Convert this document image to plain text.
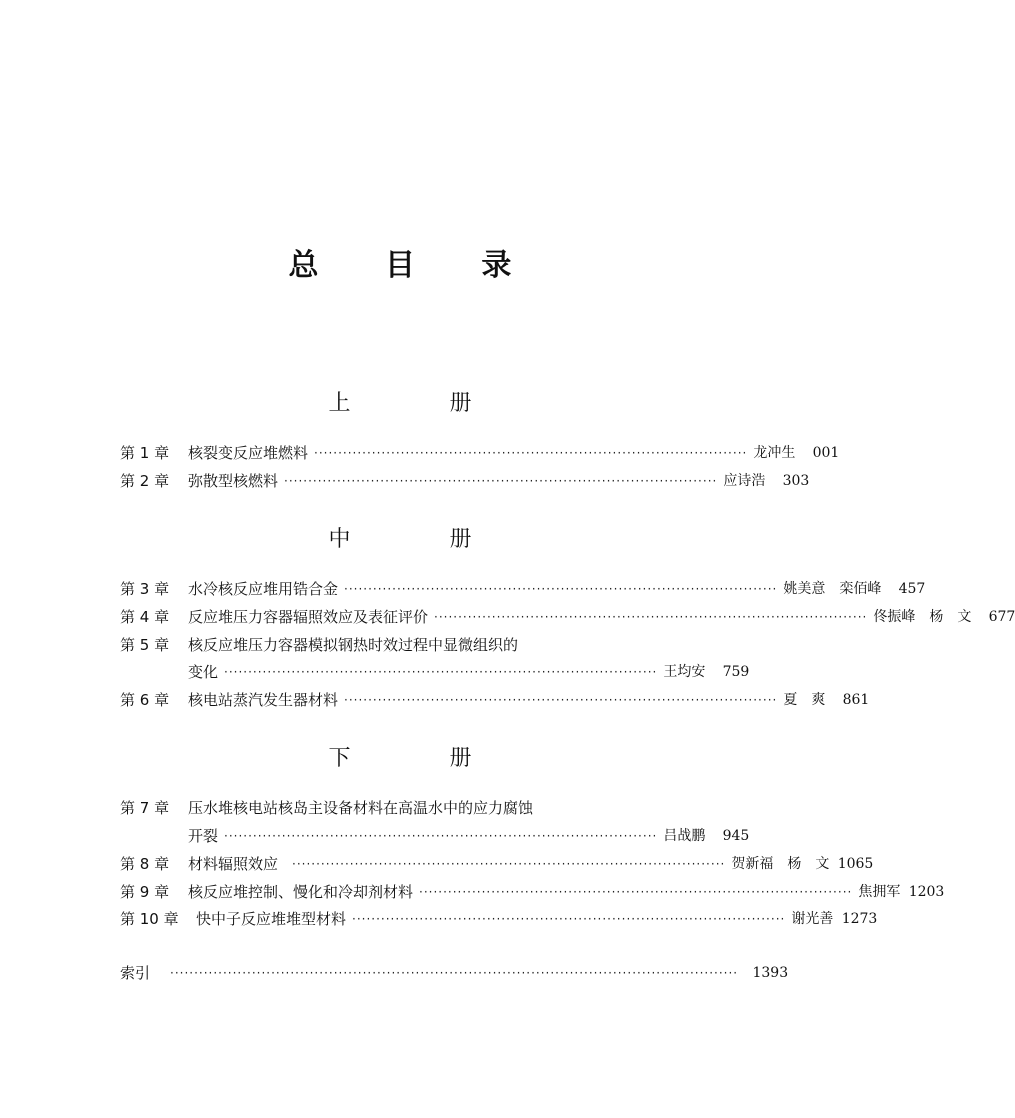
总 目 录
上 册
第 1 章	核裂变反应堆燃料 ·························································································· 龙冲生	001
第 2 章	弥散型核燃料 ·························································································· 应诗浩	303
中 册
第 3 章	水冷核反应堆用锆合金 ·························································································· 姚美意　栾佰峰	457
第 4 章	反应堆压力容器辐照效应及表征评价 ·························································································· 佟振峰　杨　文	677
第 5 章	核反应堆压力容器模拟钢热时效过程中显微组织的
变化 ·························································································· 王均安	759
第 6 章	核电站蒸汽发生器材料 ·························································································· 夏　爽	861
下 册
第 7 章	压水堆核电站核岛主设备材料在高温水中的应力腐蚀
开裂 ·························································································· 吕战鹏	945
第 8 章	材料辐照效应 ·························································································· 贺新福　杨　文 1065
第 9 章	核反应堆控制、慢化和冷却剂材料 ·························································································· 焦拥军 1203
第 10 章	快中子反应堆堆型材料 ·························································································· 谢光善 1273
索引	······················································································································	1393
